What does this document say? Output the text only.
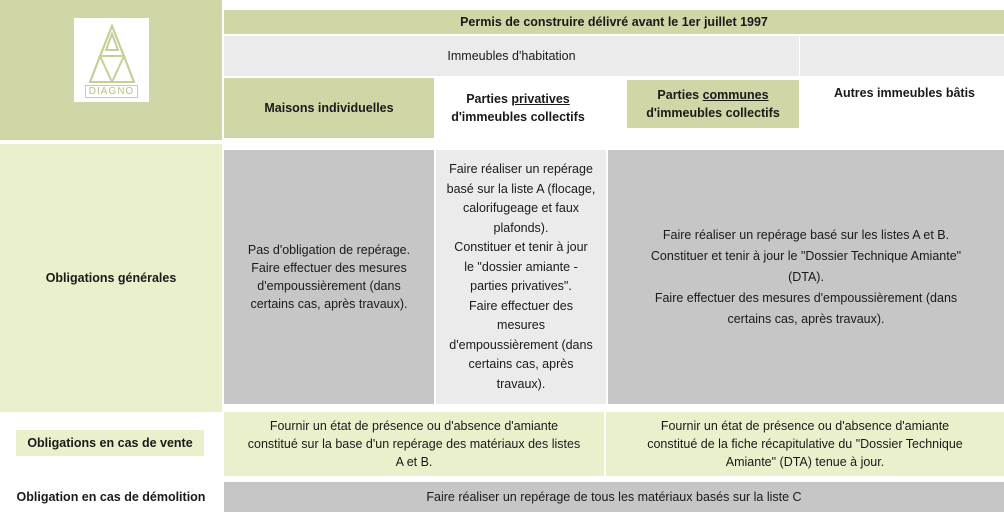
DIAGNO
Permis de construire délivré avant le 1er juillet 1997
Immeubles d'habitation
Maisons individuelles
Parties privatives
d'immeubles collectifs
Parties communes
d'immeubles collectifs
Autres immeubles bâtis
Obligations générales
Pas d'obligation de repérage.
Faire effectuer des mesures
d'empoussièrement (dans
certains cas, après travaux).
Faire réaliser un repérage
basé sur la liste A (flocage,
calorifugeage et faux
plafonds).
Constituer et tenir à jour
le "dossier amiante -
parties privatives".
Faire effectuer des
mesures
d'empoussièrement (dans
certains cas, après
travaux).
Faire réaliser un repérage basé sur les listes A et B.
Constituer et tenir à jour le "Dossier Technique Amiante"
(DTA).
Faire effectuer des mesures d'empoussièrement (dans
certains cas, après travaux).
Obligations en cas de vente
Fournir un état de présence ou d'absence d'amiante
constitué sur la base d'un repérage des matériaux des listes
A et B.
Fournir un état de présence ou d'absence d'amiante
constitué de la fiche récapitulative du "Dossier Technique
Amiante" (DTA) tenue à jour.
Obligation en cas de démolition	Faire réaliser un repérage de tous les matériaux basés sur la liste C
